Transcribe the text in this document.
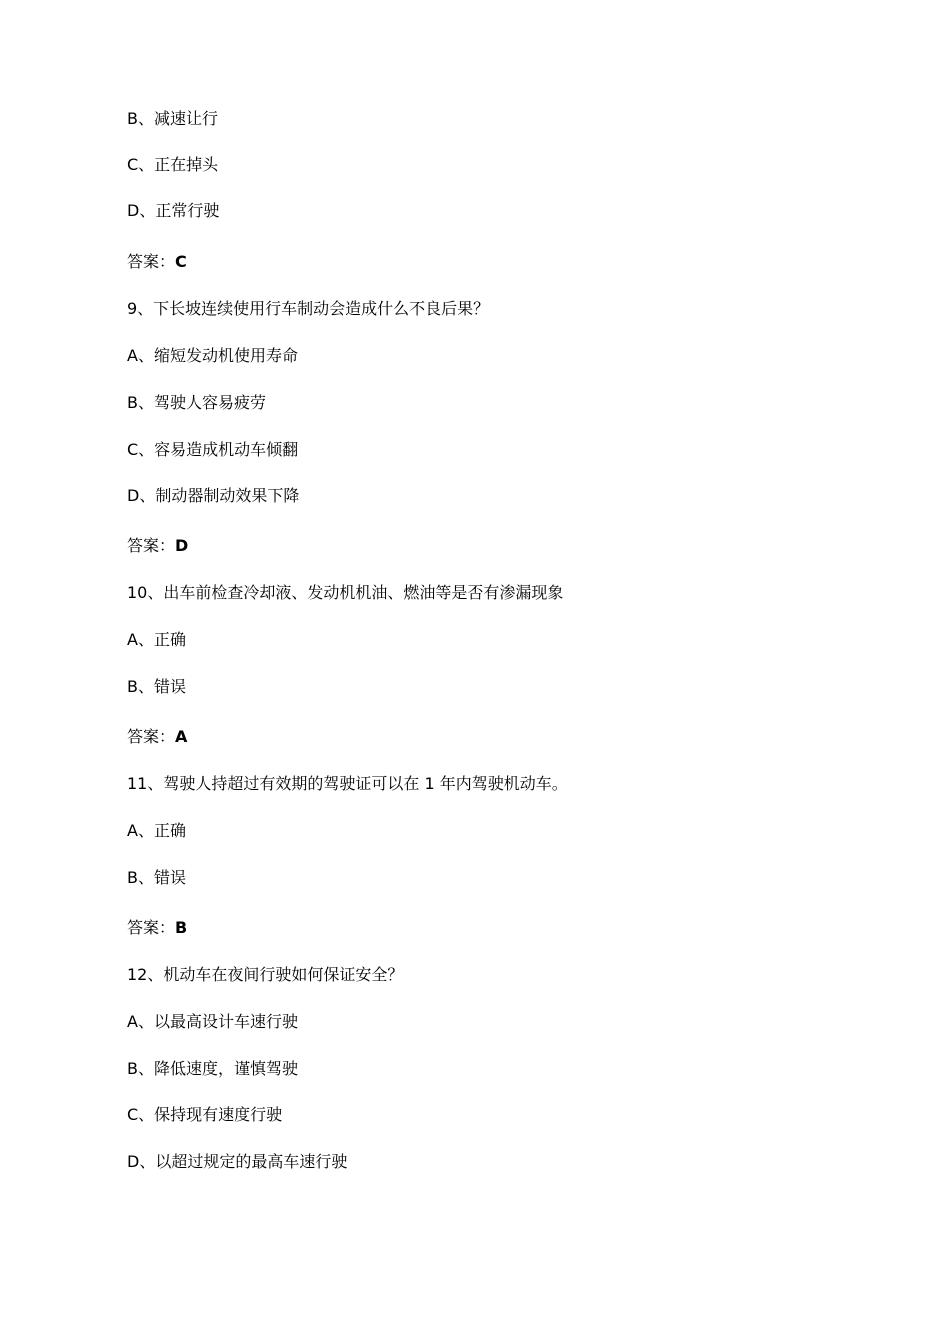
B、减速让行
C、正在掉头
D、正常行驶
答案：C
9、下长坡连续使用行车制动会造成什么不良后果？
A、缩短发动机使用寿命
B、驾驶人容易疲劳
C、容易造成机动车倾翻
D、制动器制动效果下降
答案：D
10、出车前检查冷却液、发动机机油、燃油等是否有渗漏现象
A、正确
B、错误
答案：A
11、驾驶人持超过有效期的驾驶证可以在 1 年内驾驶机动车。
A、正确
B、错误
答案：B
12、机动车在夜间行驶如何保证安全？
A、以最高设计车速行驶
B、降低速度，谨慎驾驶
C、保持现有速度行驶
D、以超过规定的最高车速行驶
